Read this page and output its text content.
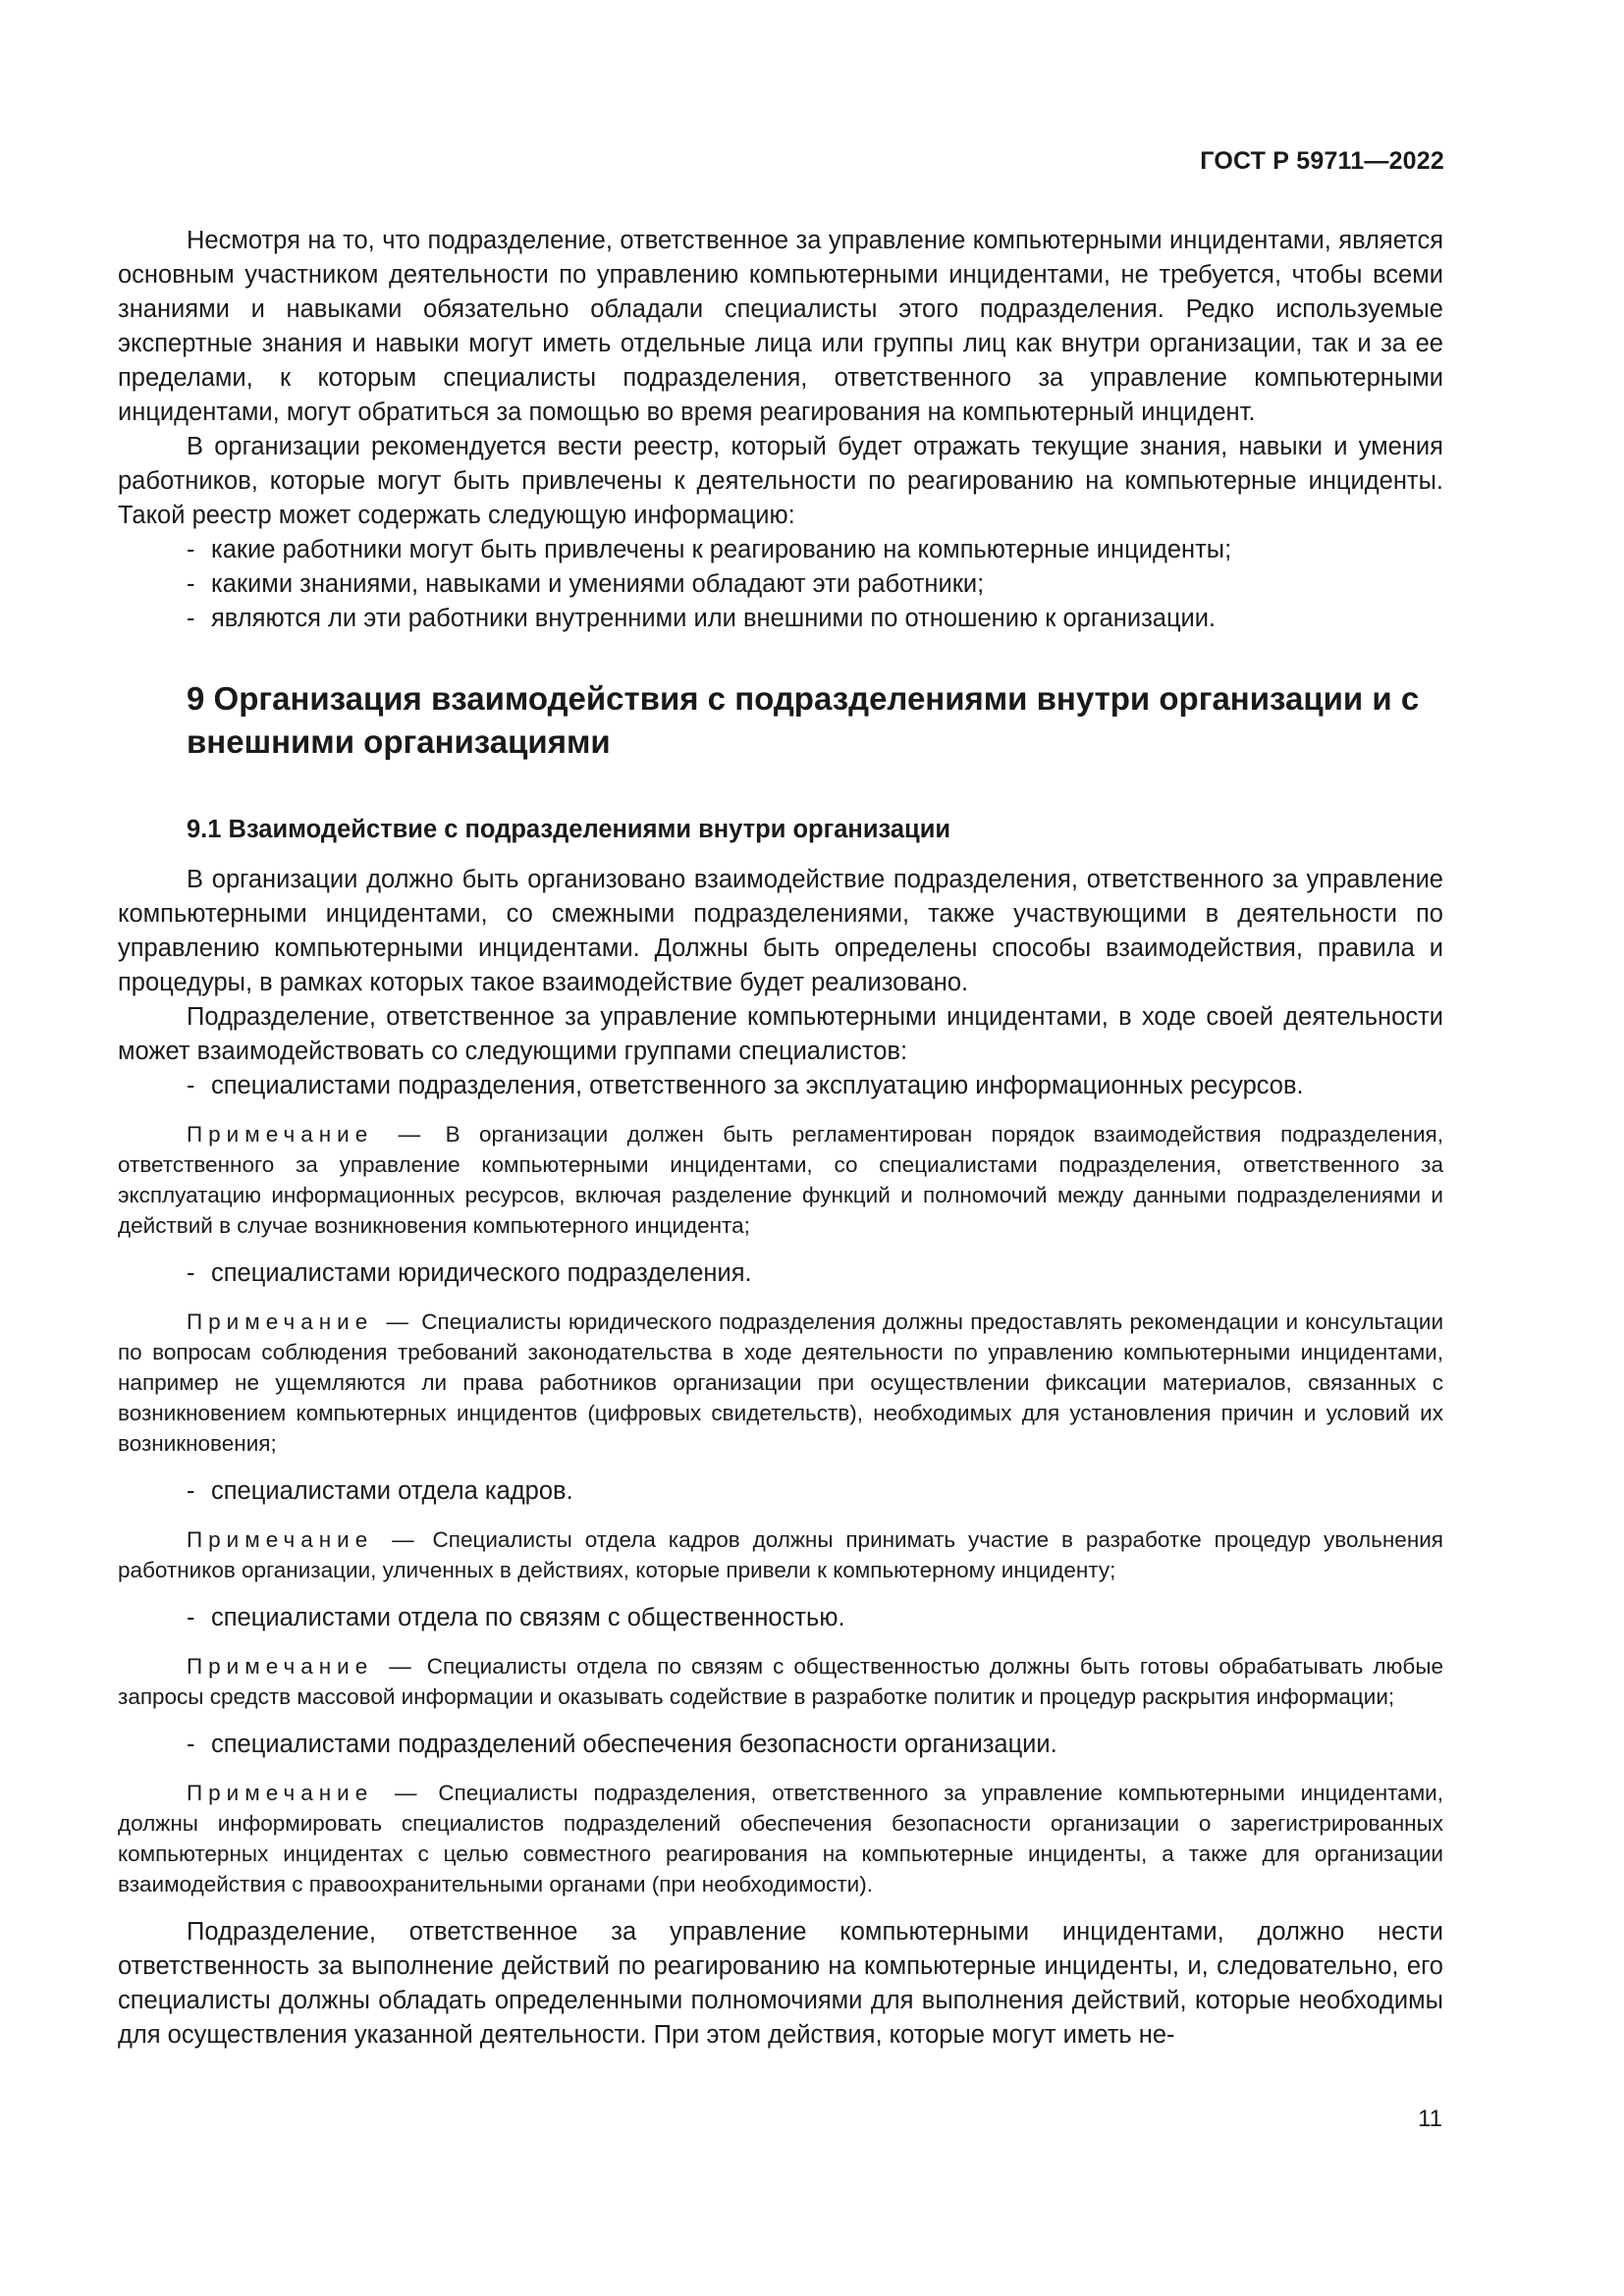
ГОСТ Р 59711—2022

Несмотря на то, что подразделение, ответственное за управление компьютерными инцидентами, является основным участником деятельности по управлению компьютерными инцидентами, не требуется, чтобы всеми знаниями и навыками обязательно обладали специалисты этого подразделения. Редко используемые экспертные знания и навыки могут иметь отдельные лица или группы лиц как внутри организации, так и за ее пределами, к которым специалисты подразделения, ответственного за управление компьютерными инцидентами, могут обратиться за помощью во время реагирования на компьютерный инцидент.

В организации рекомендуется вести реестр, который будет отражать текущие знания, навыки и умения работников, которые могут быть привлечены к деятельности по реагированию на компьютерные инциденты. Такой реестр может содержать следующую информацию:

- какие работники могут быть привлечены к реагированию на компьютерные инциденты;
- какими знаниями, навыками и умениями обладают эти работники;
- являются ли эти работники внутренними или внешними по отношению к организации.
9 Организация взаимодействия с подразделениями внутри организации и с внешними организациями
9.1 Взаимодействие с подразделениями внутри организации

В организации должно быть организовано взаимодействие подразделения, ответственного за управление компьютерными инцидентами, со смежными подразделениями, также участвующими в деятельности по управлению компьютерными инцидентами. Должны быть определены способы взаимодействия, правила и процедуры, в рамках которых такое взаимодействие будет реализовано.

Подразделение, ответственное за управление компьютерными инцидентами, в ходе своей деятельности может взаимодействовать со следующими группами специалистов:

- специалистами подразделения, ответственного за эксплуатацию информационных ресурсов.

Примечание — В организации должен быть регламентирован порядок взаимодействия подразделения, ответственного за управление компьютерными инцидентами, со специалистами подразделения, ответственного за эксплуатацию информационных ресурсов, включая разделение функций и полномочий между данными подразделениями и действий в случае возникновения компьютерного инцидента;

- специалистами юридического подразделения.

Примечание — Специалисты юридического подразделения должны предоставлять рекомендации и консультации по вопросам соблюдения требований законодательства в ходе деятельности по управлению компьютерными инцидентами, например не ущемляются ли права работников организации при осуществлении фиксации материалов, связанных с возникновением компьютерных инцидентов (цифровых свидетельств), необходимых для установления причин и условий их возникновения;

- специалистами отдела кадров.

Примечание — Специалисты отдела кадров должны принимать участие в разработке процедур увольнения работников организации, уличенных в действиях, которые привели к компьютерному инциденту;

- специалистами отдела по связям с общественностью.

Примечание — Специалисты отдела по связям с общественностью должны быть готовы обрабатывать любые запросы средств массовой информации и оказывать содействие в разработке политик и процедур раскрытия информации;

- специалистами подразделений обеспечения безопасности организации.

Примечание — Специалисты подразделения, ответственного за управление компьютерными инцидентами, должны информировать специалистов подразделений обеспечения безопасности организации о зарегистрированных компьютерных инцидентах с целью совместного реагирования на компьютерные инциденты, а также для организации взаимодействия с правоохранительными органами (при необходимости).

Подразделение, ответственное за управление компьютерными инцидентами, должно нести ответственность за выполнение действий по реагированию на компьютерные инциденты, и, следовательно, его специалисты должны обладать определенными полномочиями для выполнения действий, которые необходимы для осуществления указанной деятельности. При этом действия, которые могут иметь не-

11
